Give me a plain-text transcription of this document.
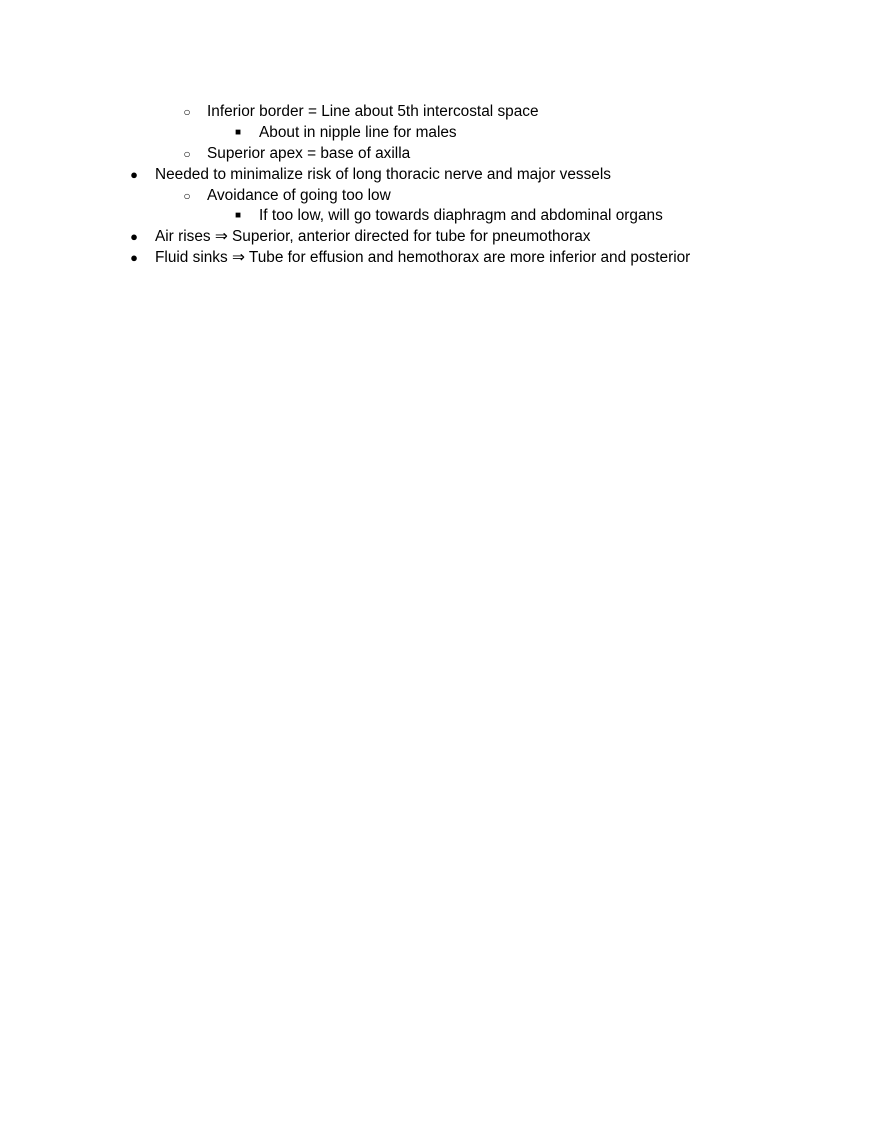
○ Inferior border = Line about 5th intercostal space
■ About in nipple line for males
○ Superior apex = base of axilla
● Needed to minimalize risk of long thoracic nerve and major vessels
○ Avoidance of going too low
■ If too low, will go towards diaphragm and abdominal organs
● Air rises ⇒ Superior, anterior directed for tube for pneumothorax
● Fluid sinks ⇒ Tube for effusion and hemothorax are more inferior and posterior
